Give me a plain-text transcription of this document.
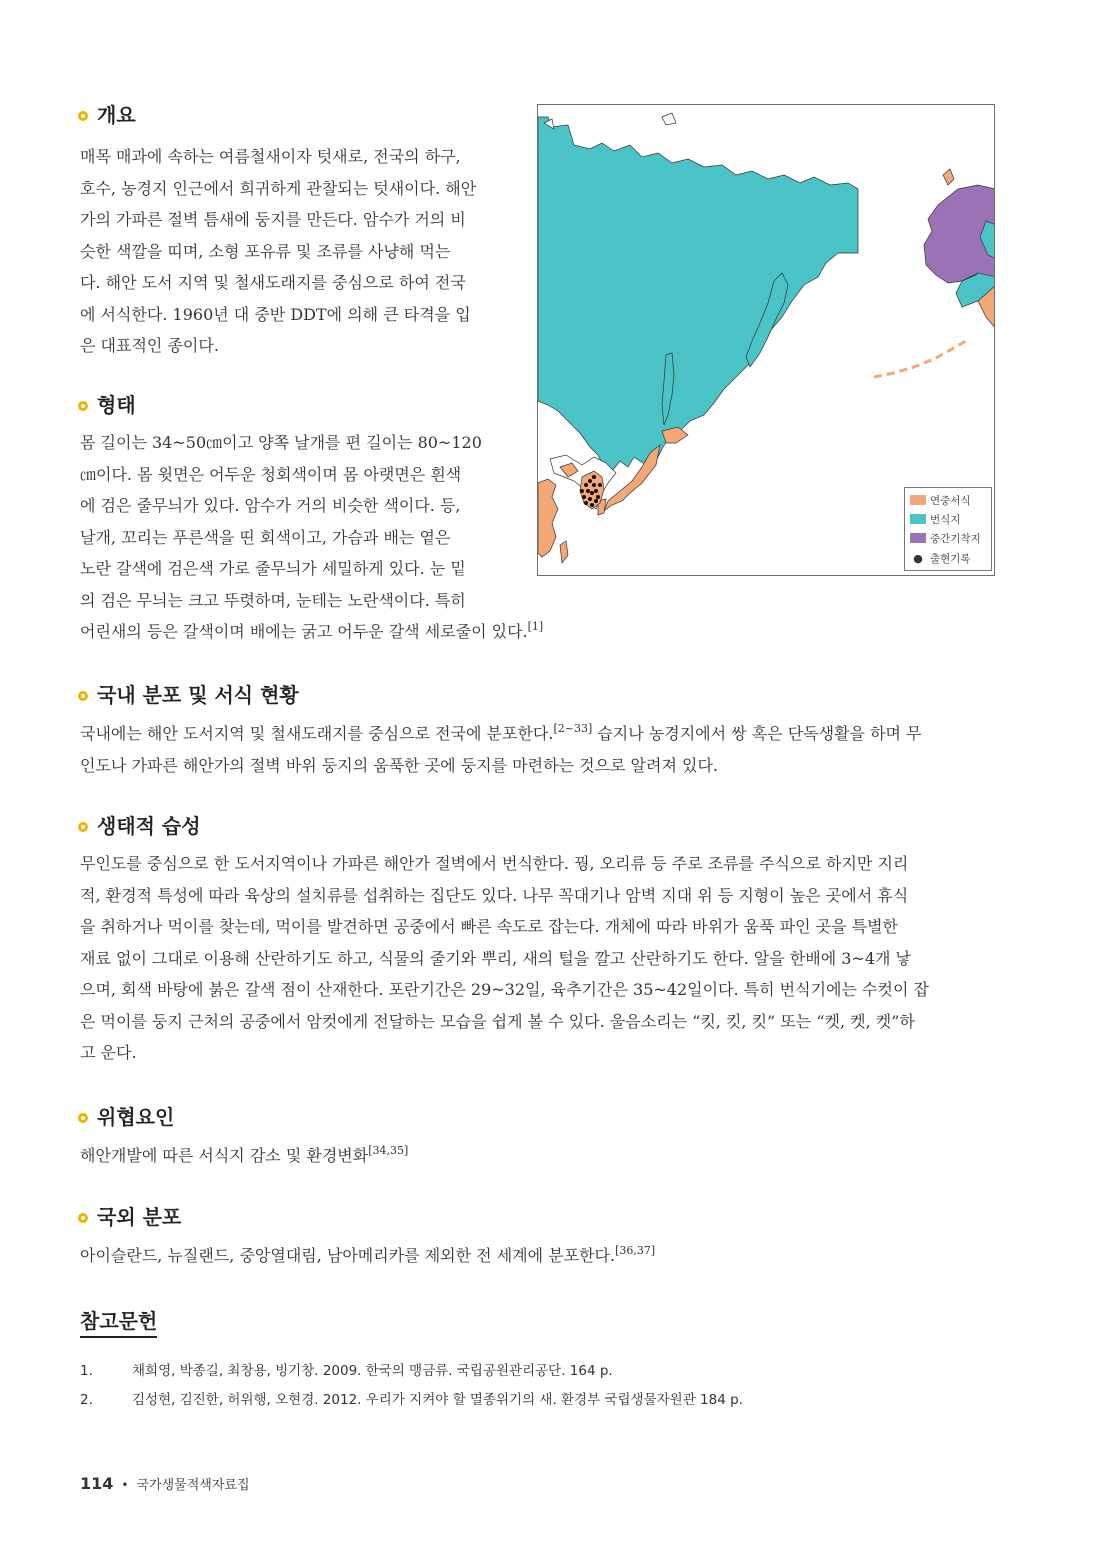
개요
매목 매과에 속하는 여름철새이자 텃새로, 전국의 하구,
호수, 농경지 인근에서 희귀하게 관찰되는 텃새이다. 해안
가의 가파른 절벽 틈새에 둥지를 만든다. 암수가 거의 비
슷한 색깔을 띠며, 소형 포유류 및 조류를 사냥해 먹는
다. 해안 도서 지역 및 철새도래지를 중심으로 하여 전국
에 서식한다. 1960년 대 중반 DDT에 의해 큰 타격을 입
은 대표적인 종이다.
형태
몸 길이는 34~50㎝이고 양쪽 날개를 편 길이는 80~120
㎝이다. 몸 윗면은 어두운 청회색이며 몸 아랫면은 흰색
에 검은 줄무늬가 있다. 암수가 거의 비슷한 색이다. 등,
날개, 꼬리는 푸른색을 띤 회색이고, 가슴과 배는 옅은
노란 갈색에 검은색 가로 줄무늬가 세밀하게 있다. 눈 밑
의 검은 무늬는 크고 뚜렷하며, 눈테는 노란색이다. 특히
어린새의 등은 갈색이며 배에는 굵고 어두운 갈색 세로줄이 있다.[1]
국내 분포 및 서식 현황
국내에는 해안 도서지역 및 철새도래지를 중심으로 전국에 분포한다.[2~33] 습지나 농경지에서 쌍 혹은 단독생활을 하며 무
인도나 가파른 해안가의 절벽 바위 둥지의 움푹한 곳에 둥지를 마련하는 것으로 알려져 있다.
생태적 습성
무인도를 중심으로 한 도서지역이나 가파른 해안가 절벽에서 번식한다. 꿩, 오리류 등 주로 조류를 주식으로 하지만 지리
적, 환경적 특성에 따라 육상의 설치류를 섭취하는 집단도 있다. 나무 꼭대기나 암벽 지대 위 등 지형이 높은 곳에서 휴식
을 취하거나 먹이를 찾는데, 먹이를 발견하면 공중에서 빠른 속도로 잡는다. 개체에 따라 바위가 움푹 파인 곳을 특별한
재료 없이 그대로 이용해 산란하기도 하고, 식물의 줄기와 뿌리, 새의 털을 깔고 산란하기도 한다. 알을 한배에 3~4개 낳
으며, 회색 바탕에 붉은 갈색 점이 산재한다. 포란기간은 29~32일, 육추기간은 35~42일이다. 특히 번식기에는 수컷이 잡
은 먹이를 둥지 근처의 공중에서 암컷에게 전달하는 모습을 쉽게 볼 수 있다. 울음소리는 “킷, 킷, 킷” 또는 “켓, 켓, 켓”하
고 운다.
위협요인
해안개발에 따른 서식지 감소 및 환경변화[34,35]
국외 분포
아이슬란드, 뉴질랜드, 중앙열대림, 남아메리카를 제외한 전 세계에 분포한다.[36,37]
참고문헌
1.	채희영, 박종길, 최창용, 빙기창. 2009. 한국의 맹금류. 국립공원관리공단. 164 p.
2.	김성현, 김진한, 허위행, 오현경. 2012. 우리가 지켜야 할 멸종위기의 새. 환경부 국립생물자원관 184 p.
114 • 국가생물적색자료집
연중서식
번식지
중간기착지
● 출현기록
